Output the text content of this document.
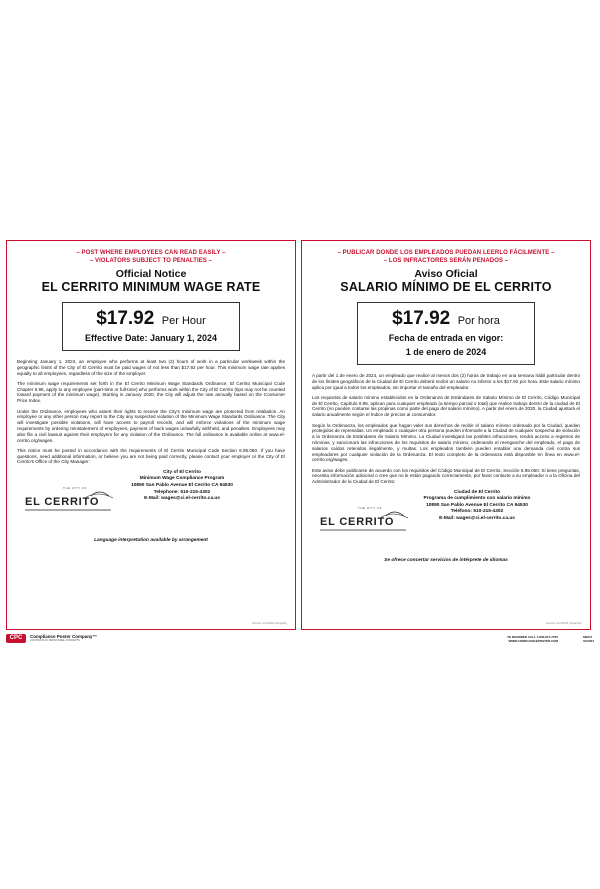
– POST WHERE EMPLOYEES CAN READ EASILY –
– VIOLATORS SUBJECT TO PENALTIES –
Official Notice
EL CERRITO MINIMUM WAGE RATE
$17.92 Per Hour
Effective Date: January 1, 2024

Beginning January 1, 2024, an employee who performs at least two (2) hours of work in a particular workweek within the geographic limits of the City of El Cerrito must be paid wages of not less than $17.92 per hour. This minimum wage rate applies equally to all employees, regardless of the size of the employer.

The minimum wage requirements set forth in the El Cerrito Minimum Wage Standards Ordinance, El Cerrito Municipal Code Chapter 6.95, apply to any employee (part-time or full-time) who performs work within the City of El Cerrito (tips may not be counted toward payment of the minimum wage). Starting in January 2020, the City will adjust the rate annually based on the Consumer Price Index.

Under the Ordinance, employees who assert their rights to receive the City's minimum wage are protected from retaliation. An employee or any other person may report to the City any suspected violation of the Minimum Wage Standards Ordinance. The City will investigate possible violations, will have access to payroll records, and will enforce violations of the minimum wage requirements by ordering reinstatement of employees, payment of back wages unlawfully withheld, and penalties. Employees may also file a civil lawsuit against their employers for any violation of the Ordinance. The full ordinance is available online at www.el-cerrito.org/wages.

This notice must be posted in accordance with the requirements of El Cerrito Municipal Code Section 6.95.060. If you have questions, need additional information, or believe you are not being paid correctly, please contact your employer or the City of El Cerrito's Office of the City Manager:

THE CITY OF
EL CERRITO
City of El Cerrito
Minimum Wage Compliance Program
10890 San Pablo Avenue El Cerrito CA 94530
Telephone: 510-215-4302
E-Mail: wages@ci.el-cerrito.ca.us
Language interpretation available by arrangement
Version 1/1/2024 (English)
– PUBLICAR DONDE LOS EMPLEADOS PUEDAN LEERLO FÁCILMENTE –
– LOS INFRACTORES SERÁN PENADOS –
Aviso Oficial
SALARIO MÍNIMO DE EL CERRITO
$17.92 Por hora
Fecha de entrada en vigor:
1 de enero de 2024

A partir del 1 de enero de 2024, un empleado que realice al menos dos (2) horas de trabajo en una semana hábil particular dentro de los límites geográficos de la Ciudad de El Cerrito deberá recibir un salario no inferior a los $17.92 por hora. Este salario mínimo aplica por igual a todos los empleados, sin importar el tamaño del empleador.

Los requisitos de salario mínimo establecidos en la Ordenanza de Estándares de Salario Mínimo de El Cerrito, Código Municipal de El Cerrito, Capítulo 6.95, aplican para cualquier empleado (a tiempo parcial o total) que realice trabajo dentro de la ciudad de El Cerrito (no pueden contarse las propinas como parte del pago del salario mínimo). A partir del enero de 2020, la Ciudad ajustará el salario anualmente según el Índice de precios al consumidor.

Según la Ordenanza, los empleados que hagan valer sus derechos de recibir el salario mínimo ordenado por la Ciudad, quedan protegidos de represalias. Un empleado o cualquier otra persona pueden informarle a la Ciudad de cualquier sospecha de violación a la Ordenanza de Estándares de Salario Mínimo. La Ciudad investigará las posibles infracciones, tendrá acceso a registros de nóminas, y sancionará las infracciones de los requisitos de salario mínimo, ordenando el reenganche del empleado, el pago de salarios caídos retenidos ilegalmente, y multas. Los empleados también pueden entablar una demanda civil contra sus empleadores por cualquier violación de la Ordenanza. El texto completo de la ordenanza está disponible en línea en www.el-cerrito.org/wages.

Este aviso debe publicarse de acuerdo con los requisitos del Código Municipal de El Cerrito, Sección 6.95.060. Si tiene preguntas, necesita información adicional o cree que no le están pagando correctamente, por favor contacte a su empleador o a la Oficina del Administrador de la Ciudad de El Cerrito:

THE CITY OF
EL CERRITO
Ciudad de El Cerrito
Programa de cumplimiento con salario mínimo
10890 San Pablo Avenue El Cerrito CA 94530
Teléfono: 510-215-4302
E-Mail: wages@ci.el-cerrito.ca.us
Se ofrece concertar servicios de intérprete de idiomas
Version 1/1/2024 (Spanish)
CPC	Compliance Poster Company™
A DIVISION OF PERSONNEL CONCEPTS
TO REORDER CALL 1-800-817-7070
WWW.COMPLIANCEPOSTER.COM
M0371
01/2024
